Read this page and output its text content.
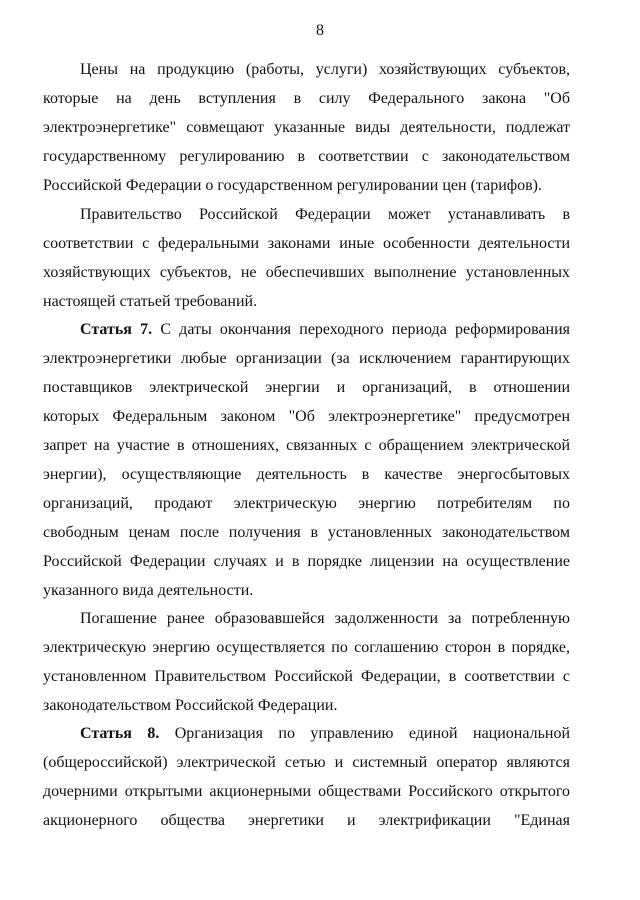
8

Цены на продукцию (работы, услуги) хозяйствующих субъектов,

которые на день вступления в силу Федерального закона "Об

электроэнергетике" совмещают указанные виды деятельности, подлежат

государственному регулированию в соответствии с законодательством

Российской Федерации о государственном регулировании цен (тарифов).

Правительство Российской Федерации может устанавливать в

соответствии с федеральными законами иные особенности деятельности

хозяйствующих субъектов, не обеспечивших выполнение установленных

настоящей статьей требований.

Статья 7. С даты окончания переходного периода реформирования

электроэнергетики любые организации (за исключением гарантирующих

поставщиков электрической энергии и организаций, в отношении

которых Федеральным законом "Об электроэнергетике" предусмотрен

запрет на участие в отношениях, связанных с обращением электрической

энергии), осуществляющие деятельность в качестве энергосбытовых

организаций, продают электрическую энергию потребителям по

свободным ценам после получения в установленных законодательством

Российской Федерации случаях и в порядке лицензии на осуществление

указанного вида деятельности.

Погашение ранее образовавшейся задолженности за потребленную

электрическую энергию осуществляется по соглашению сторон в порядке,

установленном Правительством Российской Федерации, в соответствии с

законодательством Российской Федерации.

Статья 8. Организация по управлению единой национальной

(общероссийской) электрической сетью и системный оператор являются

дочерними открытыми акционерными обществами Российского открытого

акционерного общества энергетики и электрификации "Единая
